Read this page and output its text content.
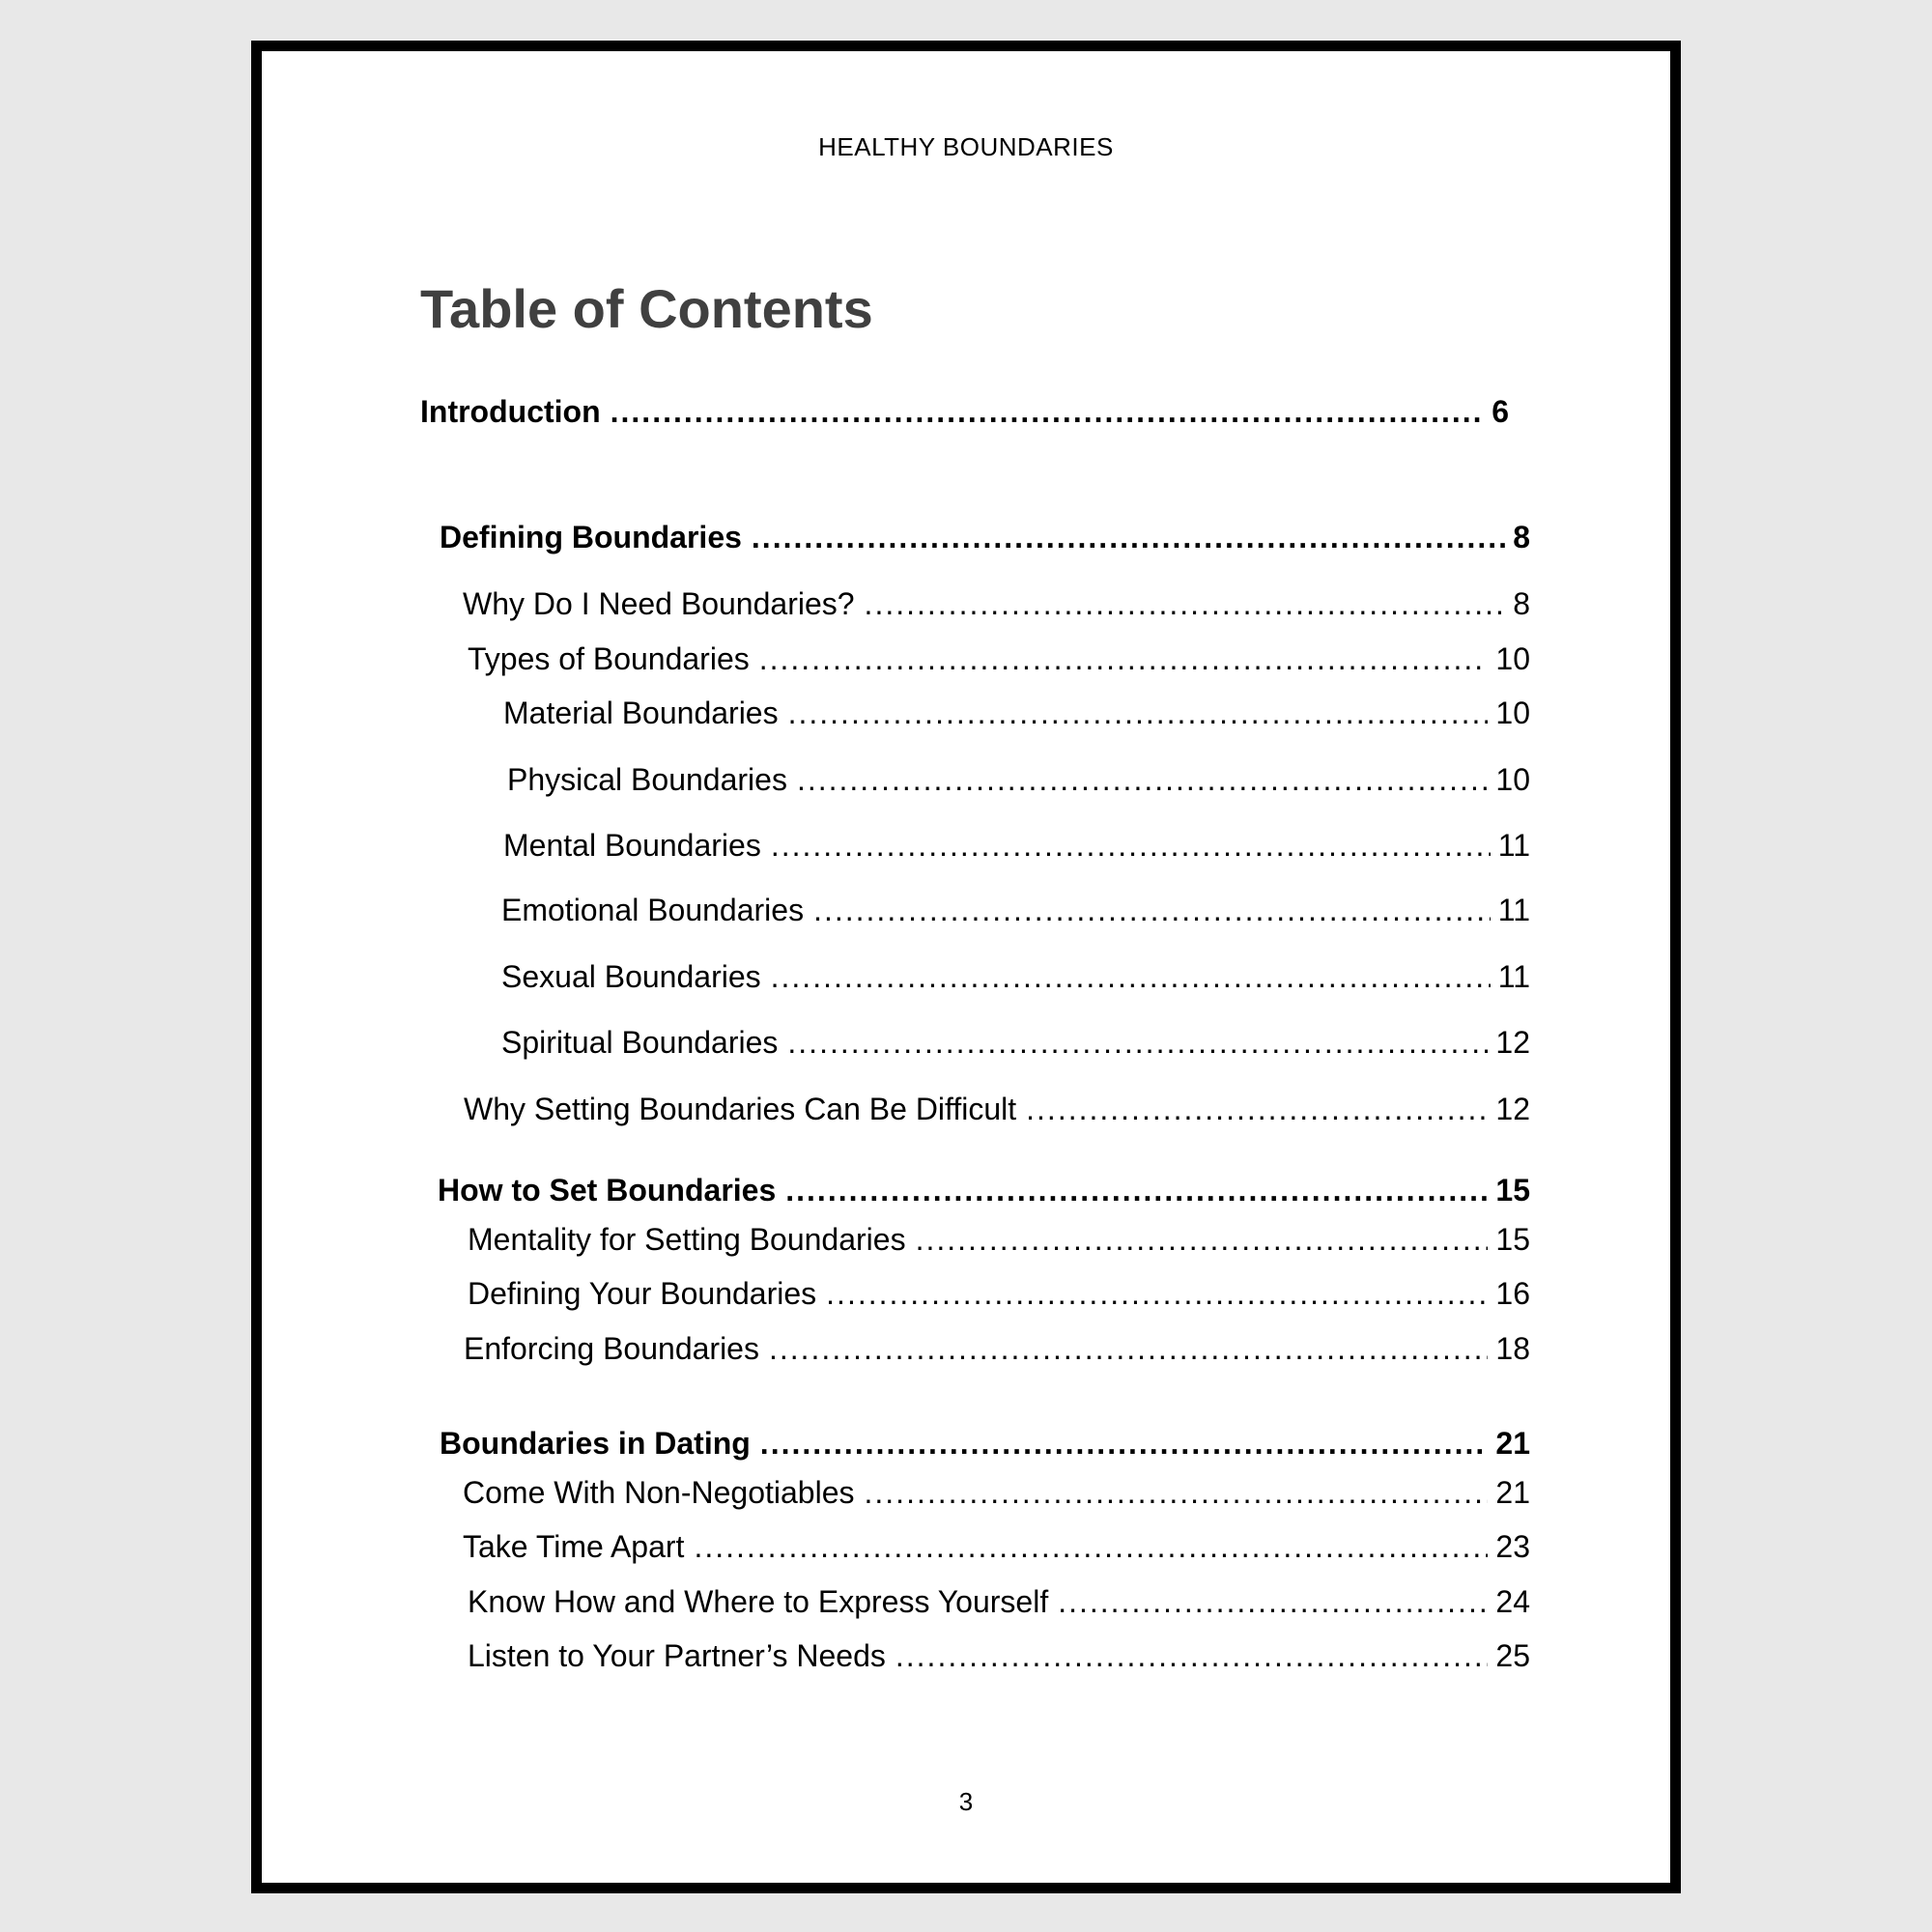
HEALTHY BOUNDARIES
Table of Contents
Introduction .....	6
Defining Boundaries .....	8
Why Do I Need Boundaries? .....	8
Types of Boundaries .....	10
Material Boundaries .....	10
Physical Boundaries .....	10
Mental Boundaries .....	11
Emotional Boundaries .....	11
Sexual Boundaries .....	11
Spiritual Boundaries .....	12
Why Setting Boundaries Can Be Difficult .....	12
How to Set Boundaries .....	15
Mentality for Setting Boundaries .....	15
Defining Your Boundaries .....	16
Enforcing Boundaries .....	18
Boundaries in Dating .....	21
Come With Non-Negotiables .....	21
Take Time Apart .....	23
Know How and Where to Express Yourself .....	24
Listen to Your Partner’s Needs .....	25
3
